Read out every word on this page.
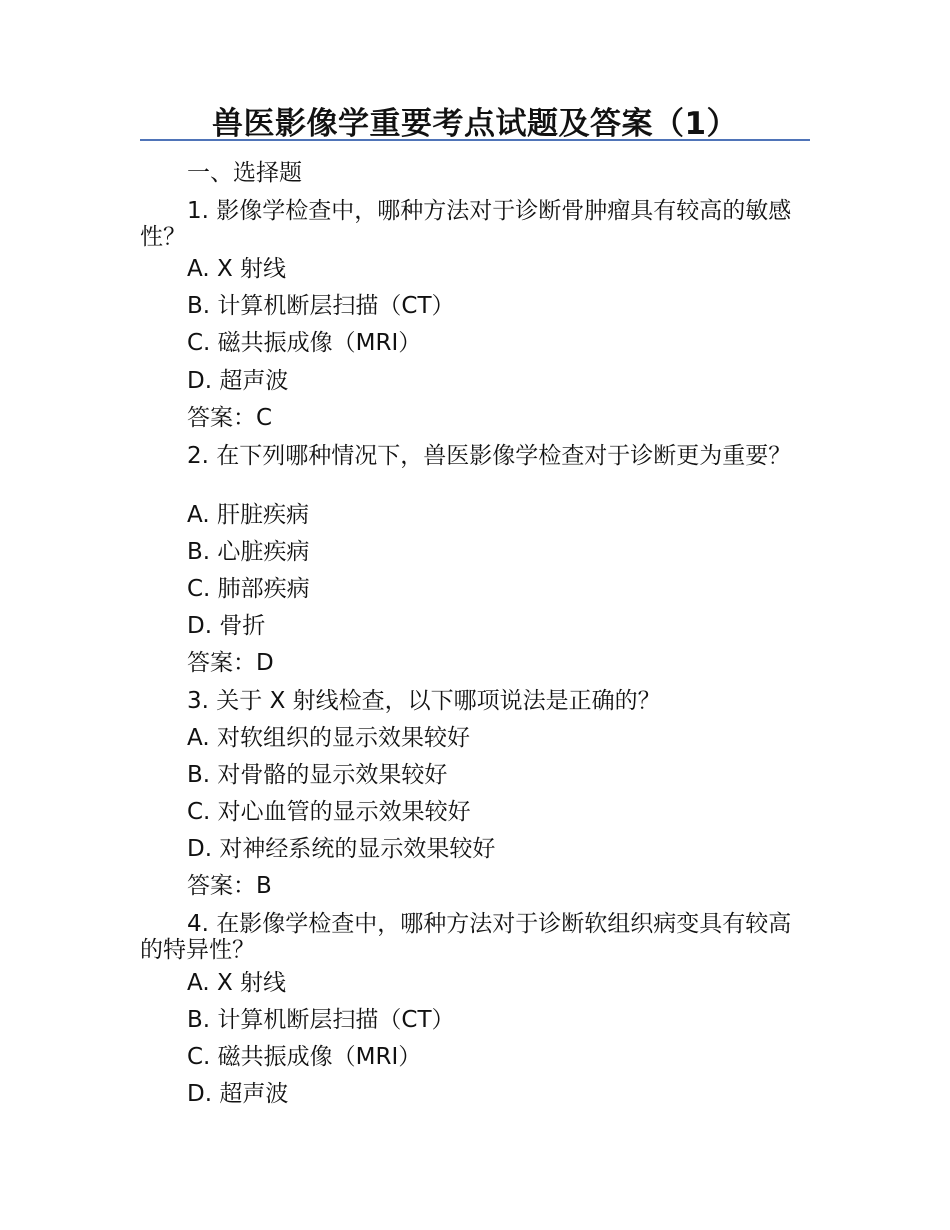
兽医影像学重要考点试题及答案（1）
一、选择题
1. 影像学检查中，哪种方法对于诊断骨肿瘤具有较高的敏感性？
A. X 射线
B. 计算机断层扫描（CT）
C. 磁共振成像（MRI）
D. 超声波
答案：C
2. 在下列哪种情况下，兽医影像学检查对于诊断更为重要？
A. 肝脏疾病
B. 心脏疾病
C. 肺部疾病
D. 骨折
答案：D
3. 关于 X 射线检查，以下哪项说法是正确的？
A. 对软组织的显示效果较好
B. 对骨骼的显示效果较好
C. 对心血管的显示效果较好
D. 对神经系统的显示效果较好
答案：B
4. 在影像学检查中，哪种方法对于诊断软组织病变具有较高的特异性？
A. X 射线
B. 计算机断层扫描（CT）
C. 磁共振成像（MRI）
D. 超声波
